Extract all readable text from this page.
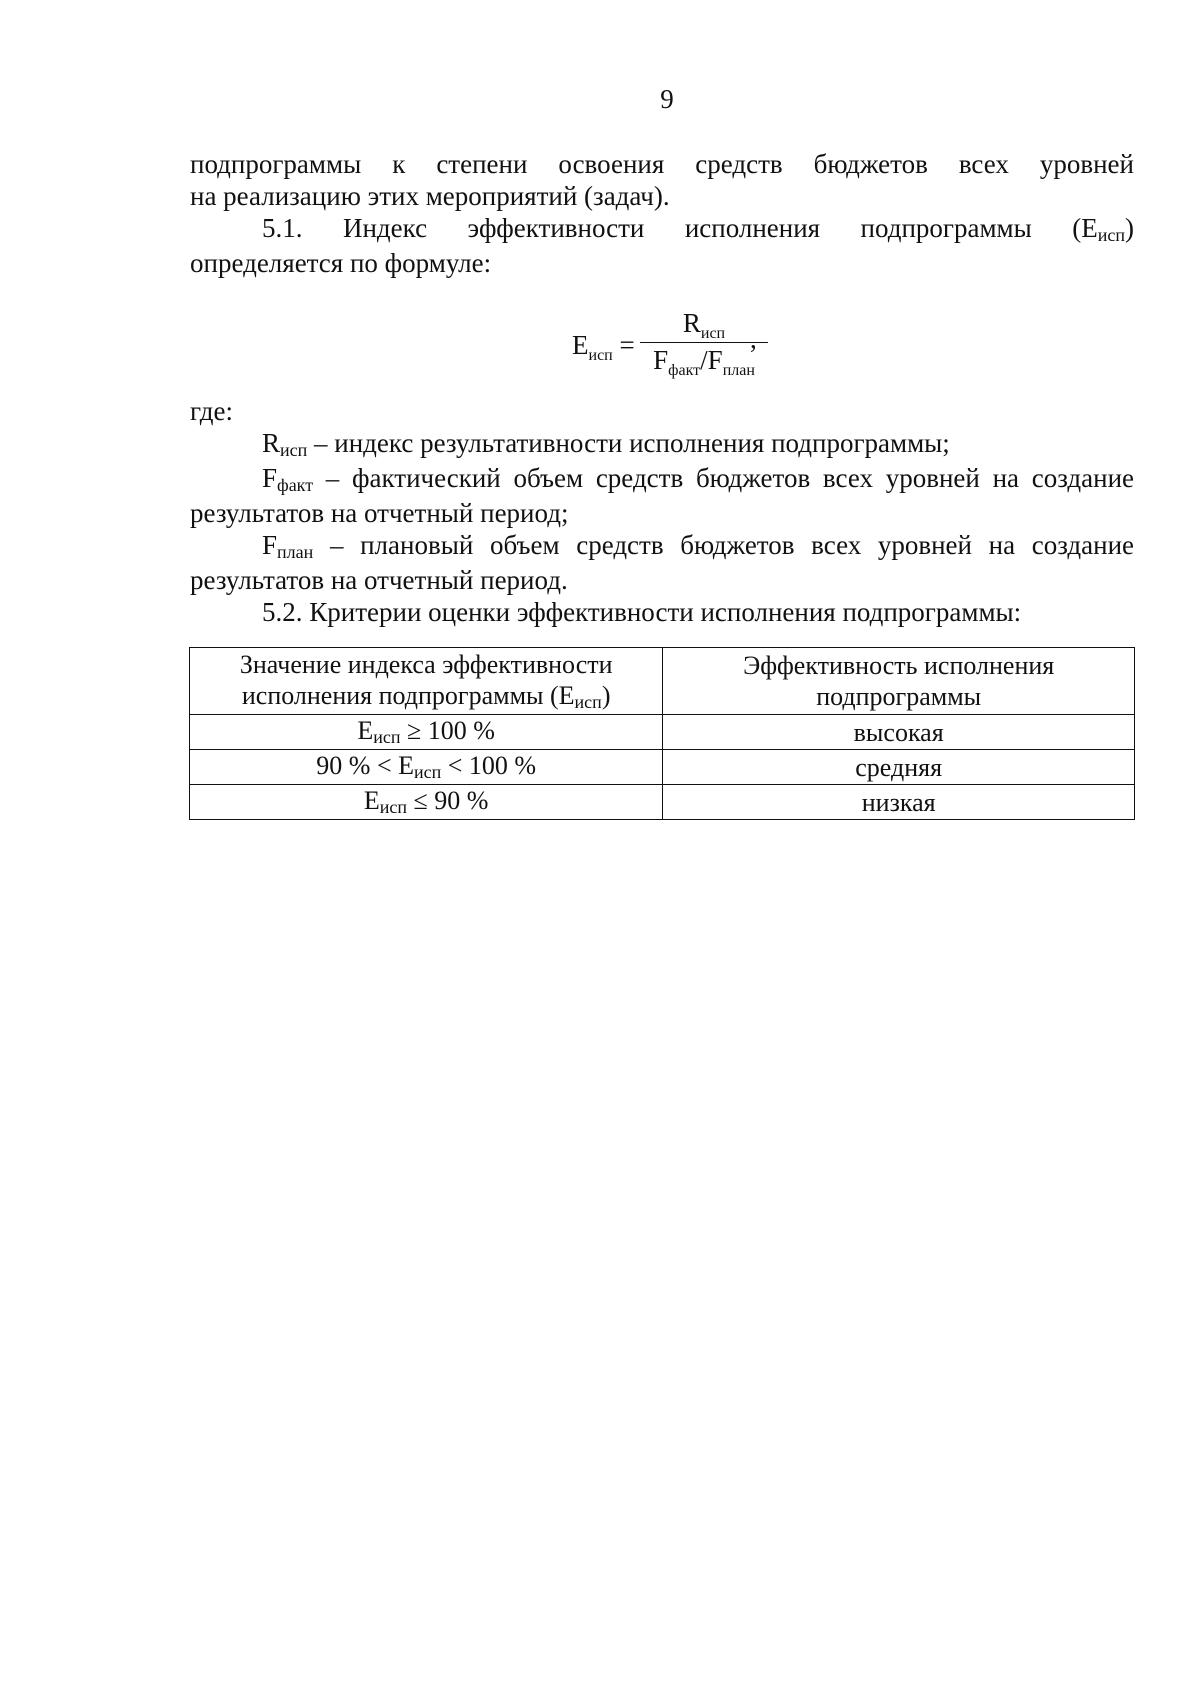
9

подпрограммы к степени освоения средств бюджетов всех уровней

на реализацию этих мероприятий (задач).

5.1. Индекс эффективности исполнения подпрограммы (Eисп)

определяется по формуле:

$E_{исп}$ =
$R_{исп}$
$F_{факт}/F_{план}$
,

где:

Rисп – индекс результативности исполнения подпрограммы;

Fфакт – фактический объем средств бюджетов всех уровней на создание

результатов на отчетный период;

Fплан – плановый объем средств бюджетов всех уровней на создание

результатов на отчетный период.

5.2. Критерии оценки эффективности исполнения подпрограммы:

Значение индекса эффективности
исполнения подпрограммы (Eисп)	Эффективность исполнения
подпрограммы
Eисп ≥ 100 %	высокая
90 % < Eисп < 100 %	средняя
Eисп ≤ 90 %	низкая
